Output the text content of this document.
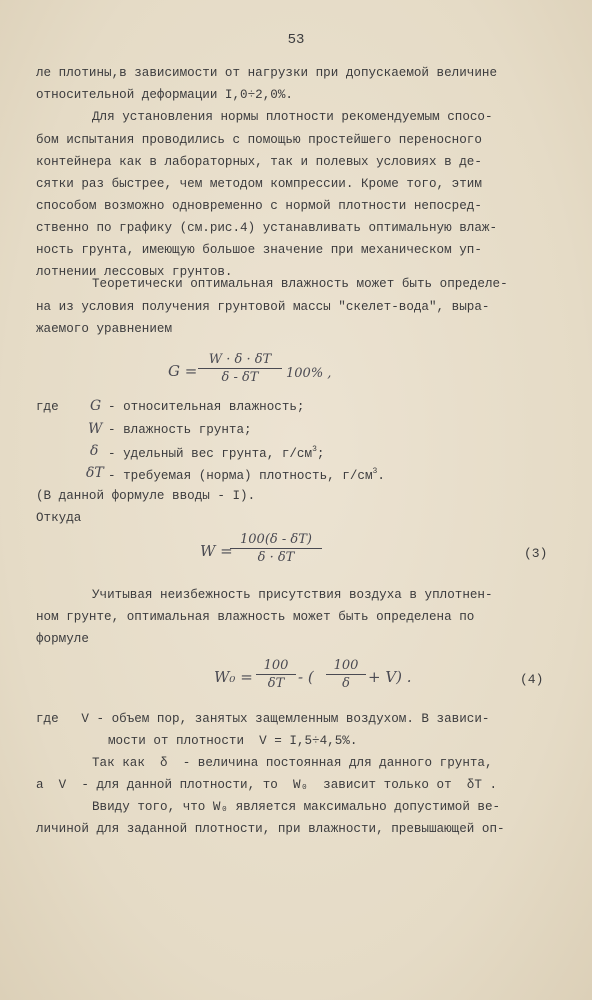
53
ле плотины,в зависимости от нагрузки при допускаемой величине
относительной деформации I,0÷2,0%.
Для установления нормы плотности рекомендуемым спосо-
бом испытания проводились с помощью простейшего переносного
контейнера как в лабораторных, так и полевых условиях в де-
сятки раз быстрее, чем методом компрессии. Кроме того, этим
способом возможно одновременно с нормой плотности непосред-
ственно по графику (см.рис.4) устанавливать оптимальную влаж-
ность грунта, имеющую большое значение при механическом уп-
лотнении лессовых грунтов.
Теоретически оптимальная влажность может быть определе-
на из условия получения грунтовой массы "скелет-вода", выра-
жаемого уравнением
$G = \frac{W \cdot \delta \cdot \delta T}{\delta - \delta T} 100\%$ ,
где G - относительная влажность;
W - влажность грунта;
δ - удельный вес грунта, $г/см^3$;
δT - требуемая (норма) плотность, $г/см^3$.
(В данной формуле вводы - I).
Откуда
W =
$\frac{100(\delta - \delta T)}{\delta \cdot \delta T}$	(3)
Учитывая неизбежность присутствия воздуха в уплотнен-
ном грунте, оптимальная влажность может быть определена по
формуле
$W_0 = \frac{100}{\delta T}$ - ( $\frac{100}{\delta} + V$) .	(4)
где   V - объем пор, занятых защемленным воздухом. В зависи-
мости от плотности  V = I,5÷4,5%.
Так как  δ  - величина постоянная для данного грунта,
а  V  - для данной плотности, то  W₀  зависит только от  δT .
Ввиду того, что W₀ является максимально допустимой ве-
личиной для заданной плотности, при влажности, превышающей оп-
